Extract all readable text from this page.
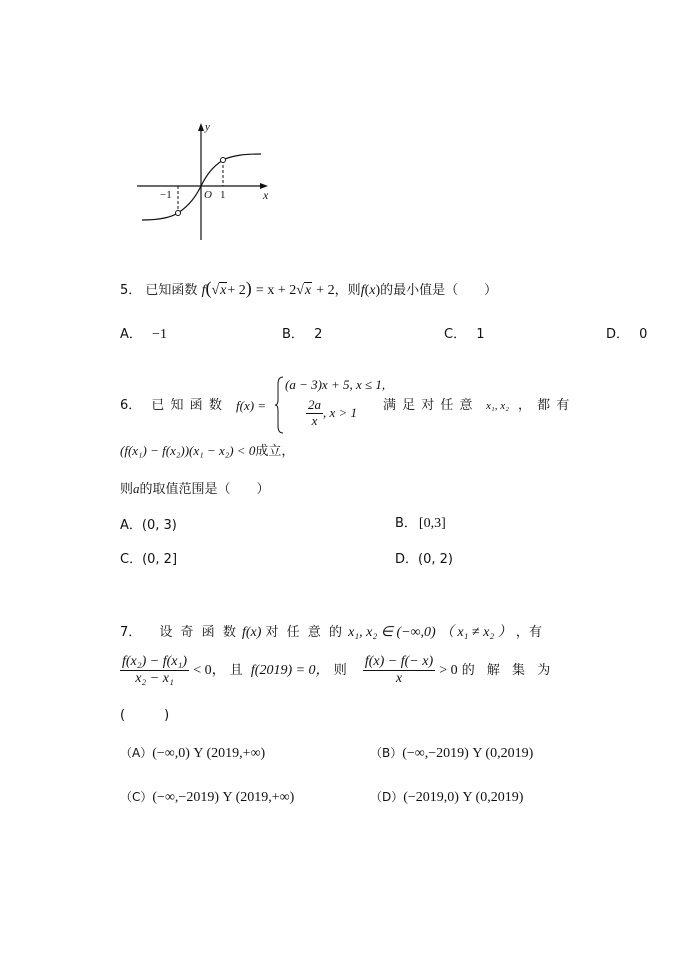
y
x
O
−1	1
5． 已知函数 f(√x+ 2) = x + 2√x + 2，则f(x)的最小值是（　　）
A． −1	B． 2	C． 1	D． 0
6． 已 知 函 数 f(x) =
(a − 3)x + 5, x ≤ 1,
$\frac{2a}{x}$ , x > 1 满 足 对 任 意 x₁, x₂ ， 都 有
(f(x₁) − f(x₂))(x₁ − x₂) < 0成立，
则a的取值范围是（　　）
A．(0, 3)	B． [0,3]
C．(0, 2]	D．(0, 2)
7． 设 奇 函 数 f(x) 对 任 意 的 x₁, x₂ ∈ (−∞,0) （ x₁ ≠ x₂ ） ，有
$\frac{\text{f(x₂) − f(x₁)}}{\text{x₂ − x₁}} < 0$， 且 f(2019) = 0， 则 $\frac{f(x) - f(- x)}{x} > 0$ 的 解 集 为
(　　　)
（A）(−∞,0) Y (2019,+∞)	（B）(−∞,−2019) Y (0,2019)
（C）(−∞,−2019) Y (2019,+∞)	（D）(−2019,0) Y (0,2019)
